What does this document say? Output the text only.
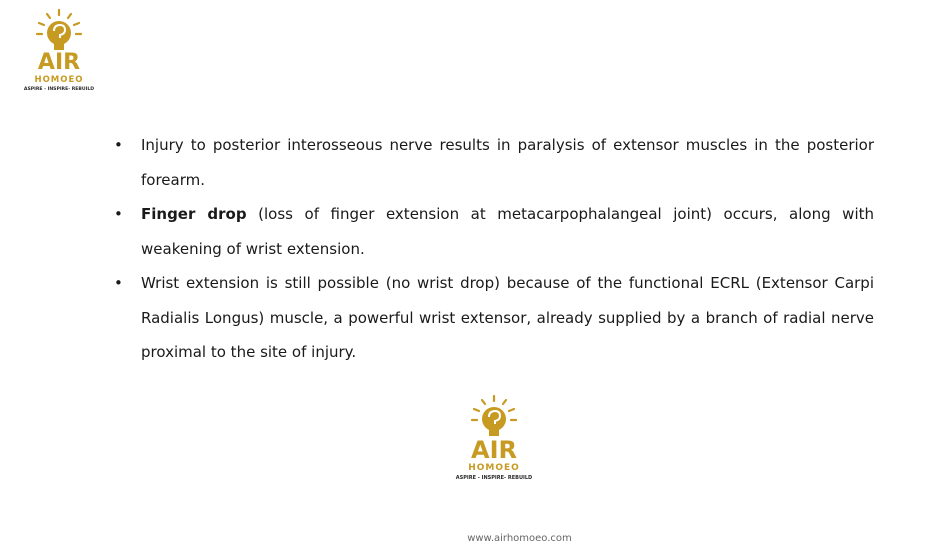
AIR
HOMOEO
ASPIRE - INSPIRE- REBUILD
• Injury to posterior interosseous nerve results in paralysis of extensor muscles in the posterior forearm.
• Finger drop (loss of finger extension at metacarpophalangeal joint) occurs, along with weakening of wrist extension.
• Wrist extension is still possible (no wrist drop) because of the functional ECRL (Extensor Carpi Radialis Longus) muscle, a powerful wrist extensor, already supplied by a branch of radial nerve proximal to the site of injury.
AIR
HOMOEO
ASPIRE - INSPIRE- REBUILD
www.airhomoeo.com
